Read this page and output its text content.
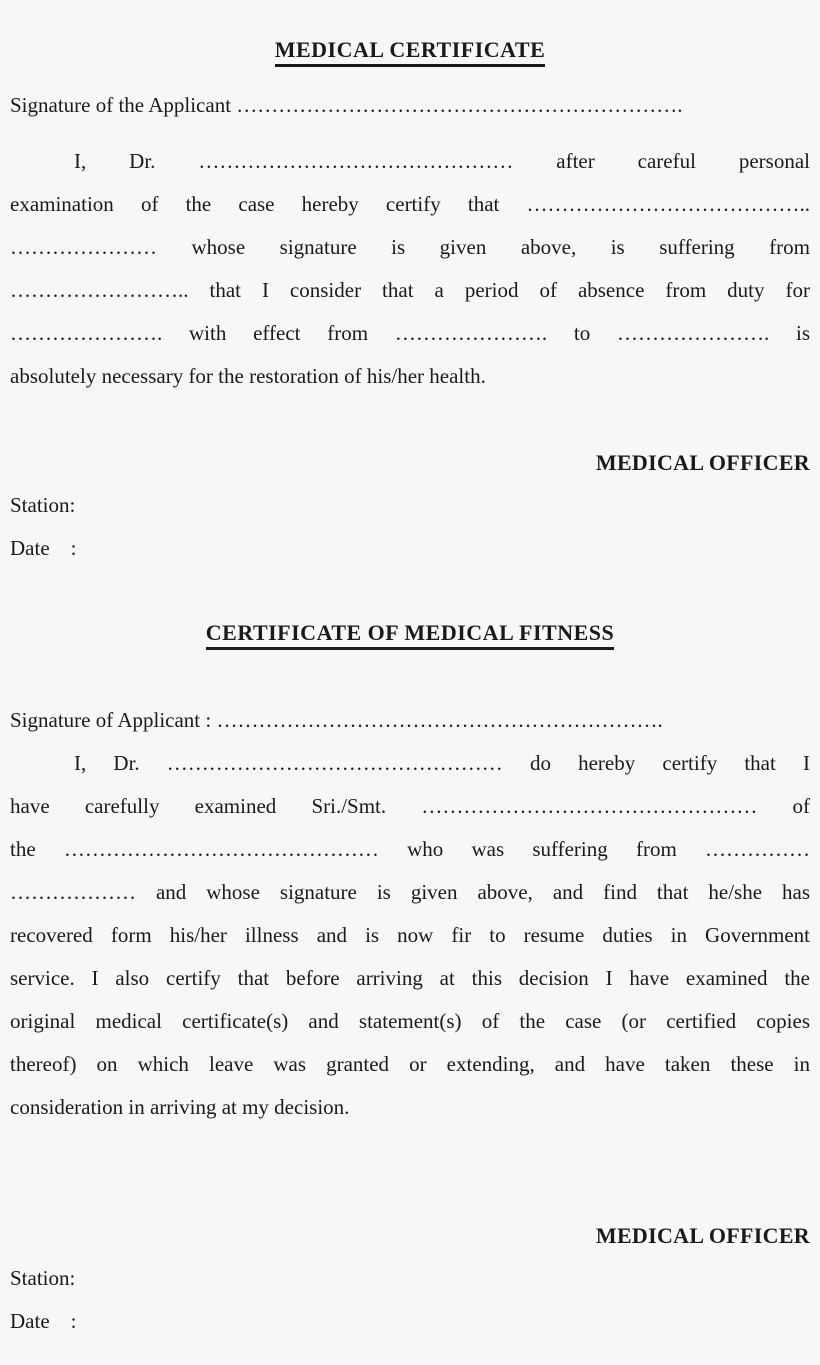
MEDICAL CERTIFICATE

Signature of the Applicant ……………………………………………………….

I, Dr. ……………………………………… after careful personal
examination of the case hereby certify that …………………………………..
………………… whose signature is given above, is suffering from
…………………….. that I consider that a period of absence from duty for
…………………. with effect from …………………. to …………………. is
absolutely necessary for the restoration of his/her health.

MEDICAL OFFICER

Station:

Date    :

CERTIFICATE OF MEDICAL FITNESS

Signature of Applicant : ……………………………………………………….

I, Dr. ………………………………………… do hereby certify that I
have carefully examined Sri./Smt. ………………………………………… of
the ……………………………………… who was suffering from ……………
……………… and whose signature is given above, and find that he/she has
recovered form his/her illness and is now fir to resume duties in Government
service. I also certify that before arriving at this decision I have examined the
original medical certificate(s) and statement(s) of the case (or certified copies
thereof) on which leave was granted or extending, and have taken these in
consideration in arriving at my decision.

MEDICAL OFFICER

Station:

Date    :
